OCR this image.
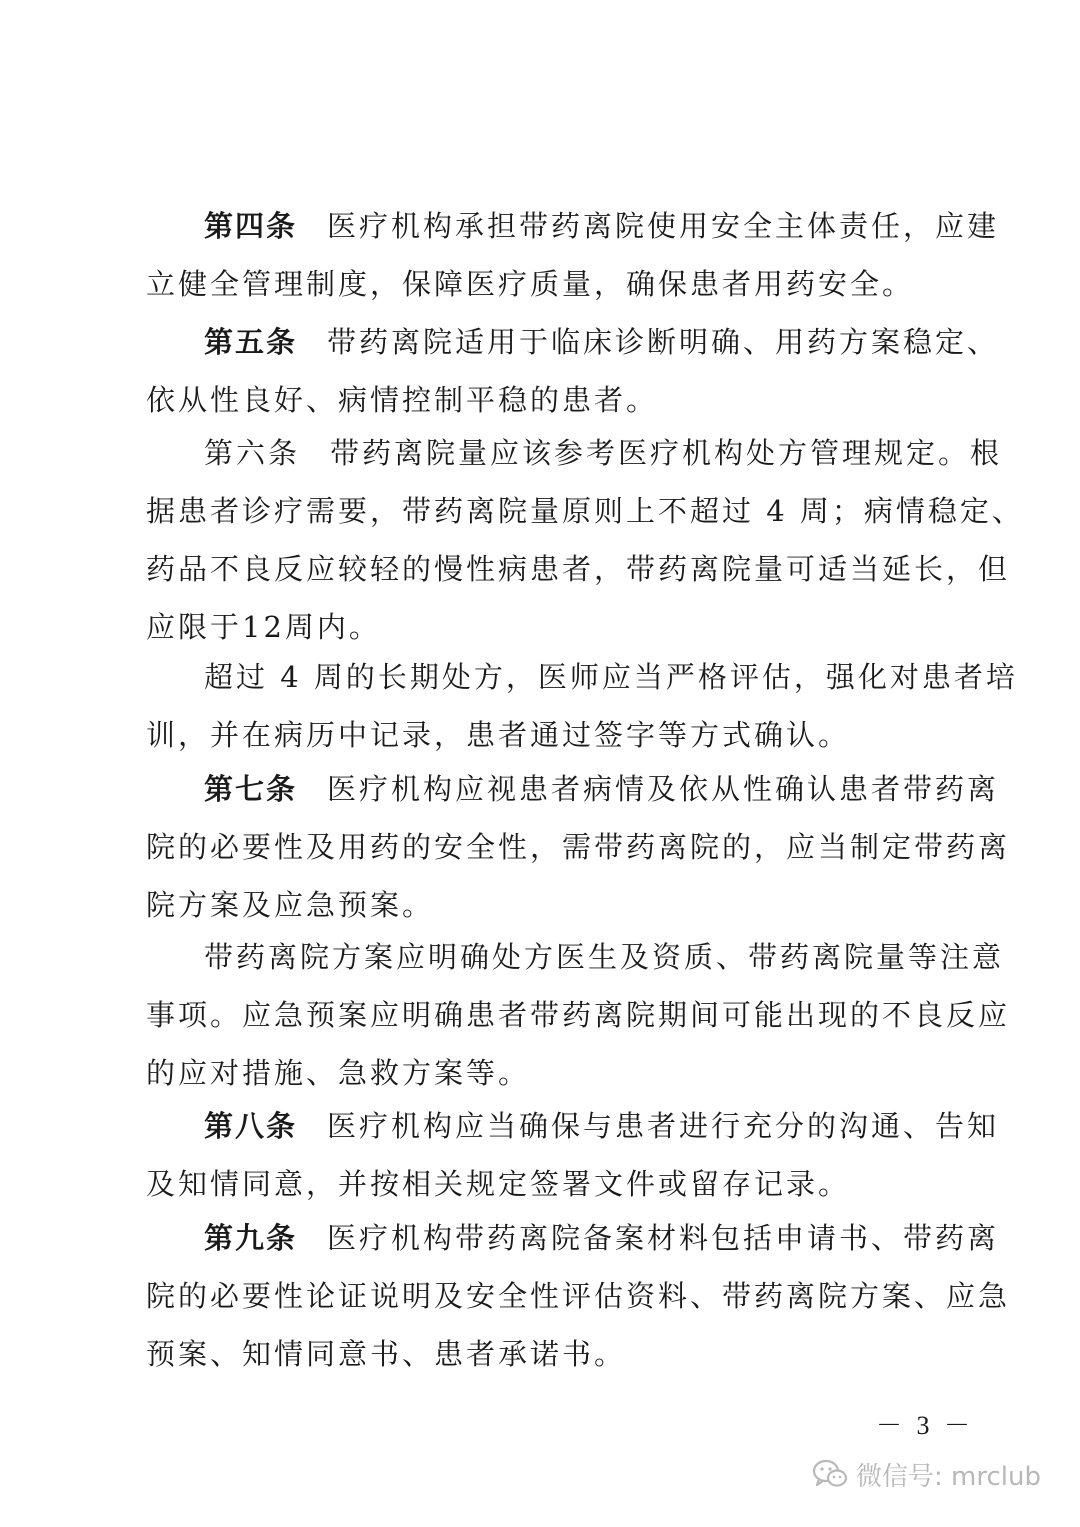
第四条 医疗机构承担带药离院使用安全主体责任，应建
立健全管理制度，保障医疗质量，确保患者用药安全。
第五条 带药离院适用于临床诊断明确、用药方案稳定、
依从性良好、病情控制平稳的患者。
第六条 带药离院量应该参考医疗机构处方管理规定。根
据患者诊疗需要，带药离院量原则上不超过 4 周；病情稳定、
药品不良反应较轻的慢性病患者，带药离院量可适当延长，但
应限于12周内。
超过 4 周的长期处方，医师应当严格评估，强化对患者培
训，并在病历中记录，患者通过签字等方式确认。
第七条 医疗机构应视患者病情及依从性确认患者带药离
院的必要性及用药的安全性，需带药离院的，应当制定带药离
院方案及应急预案。
带药离院方案应明确处方医生及资质、带药离院量等注意
事项。应急预案应明确患者带药离院期间可能出现的不良反应
的应对措施、急救方案等。
第八条 医疗机构应当确保与患者进行充分的沟通、告知
及知情同意，并按相关规定签署文件或留存记录。
第九条 医疗机构带药离院备案材料包括申请书、带药离
院的必要性论证说明及安全性评估资料、带药离院方案、应急
预案、知情同意书、患者承诺书。
－ 3 －
微信号: mrclub
